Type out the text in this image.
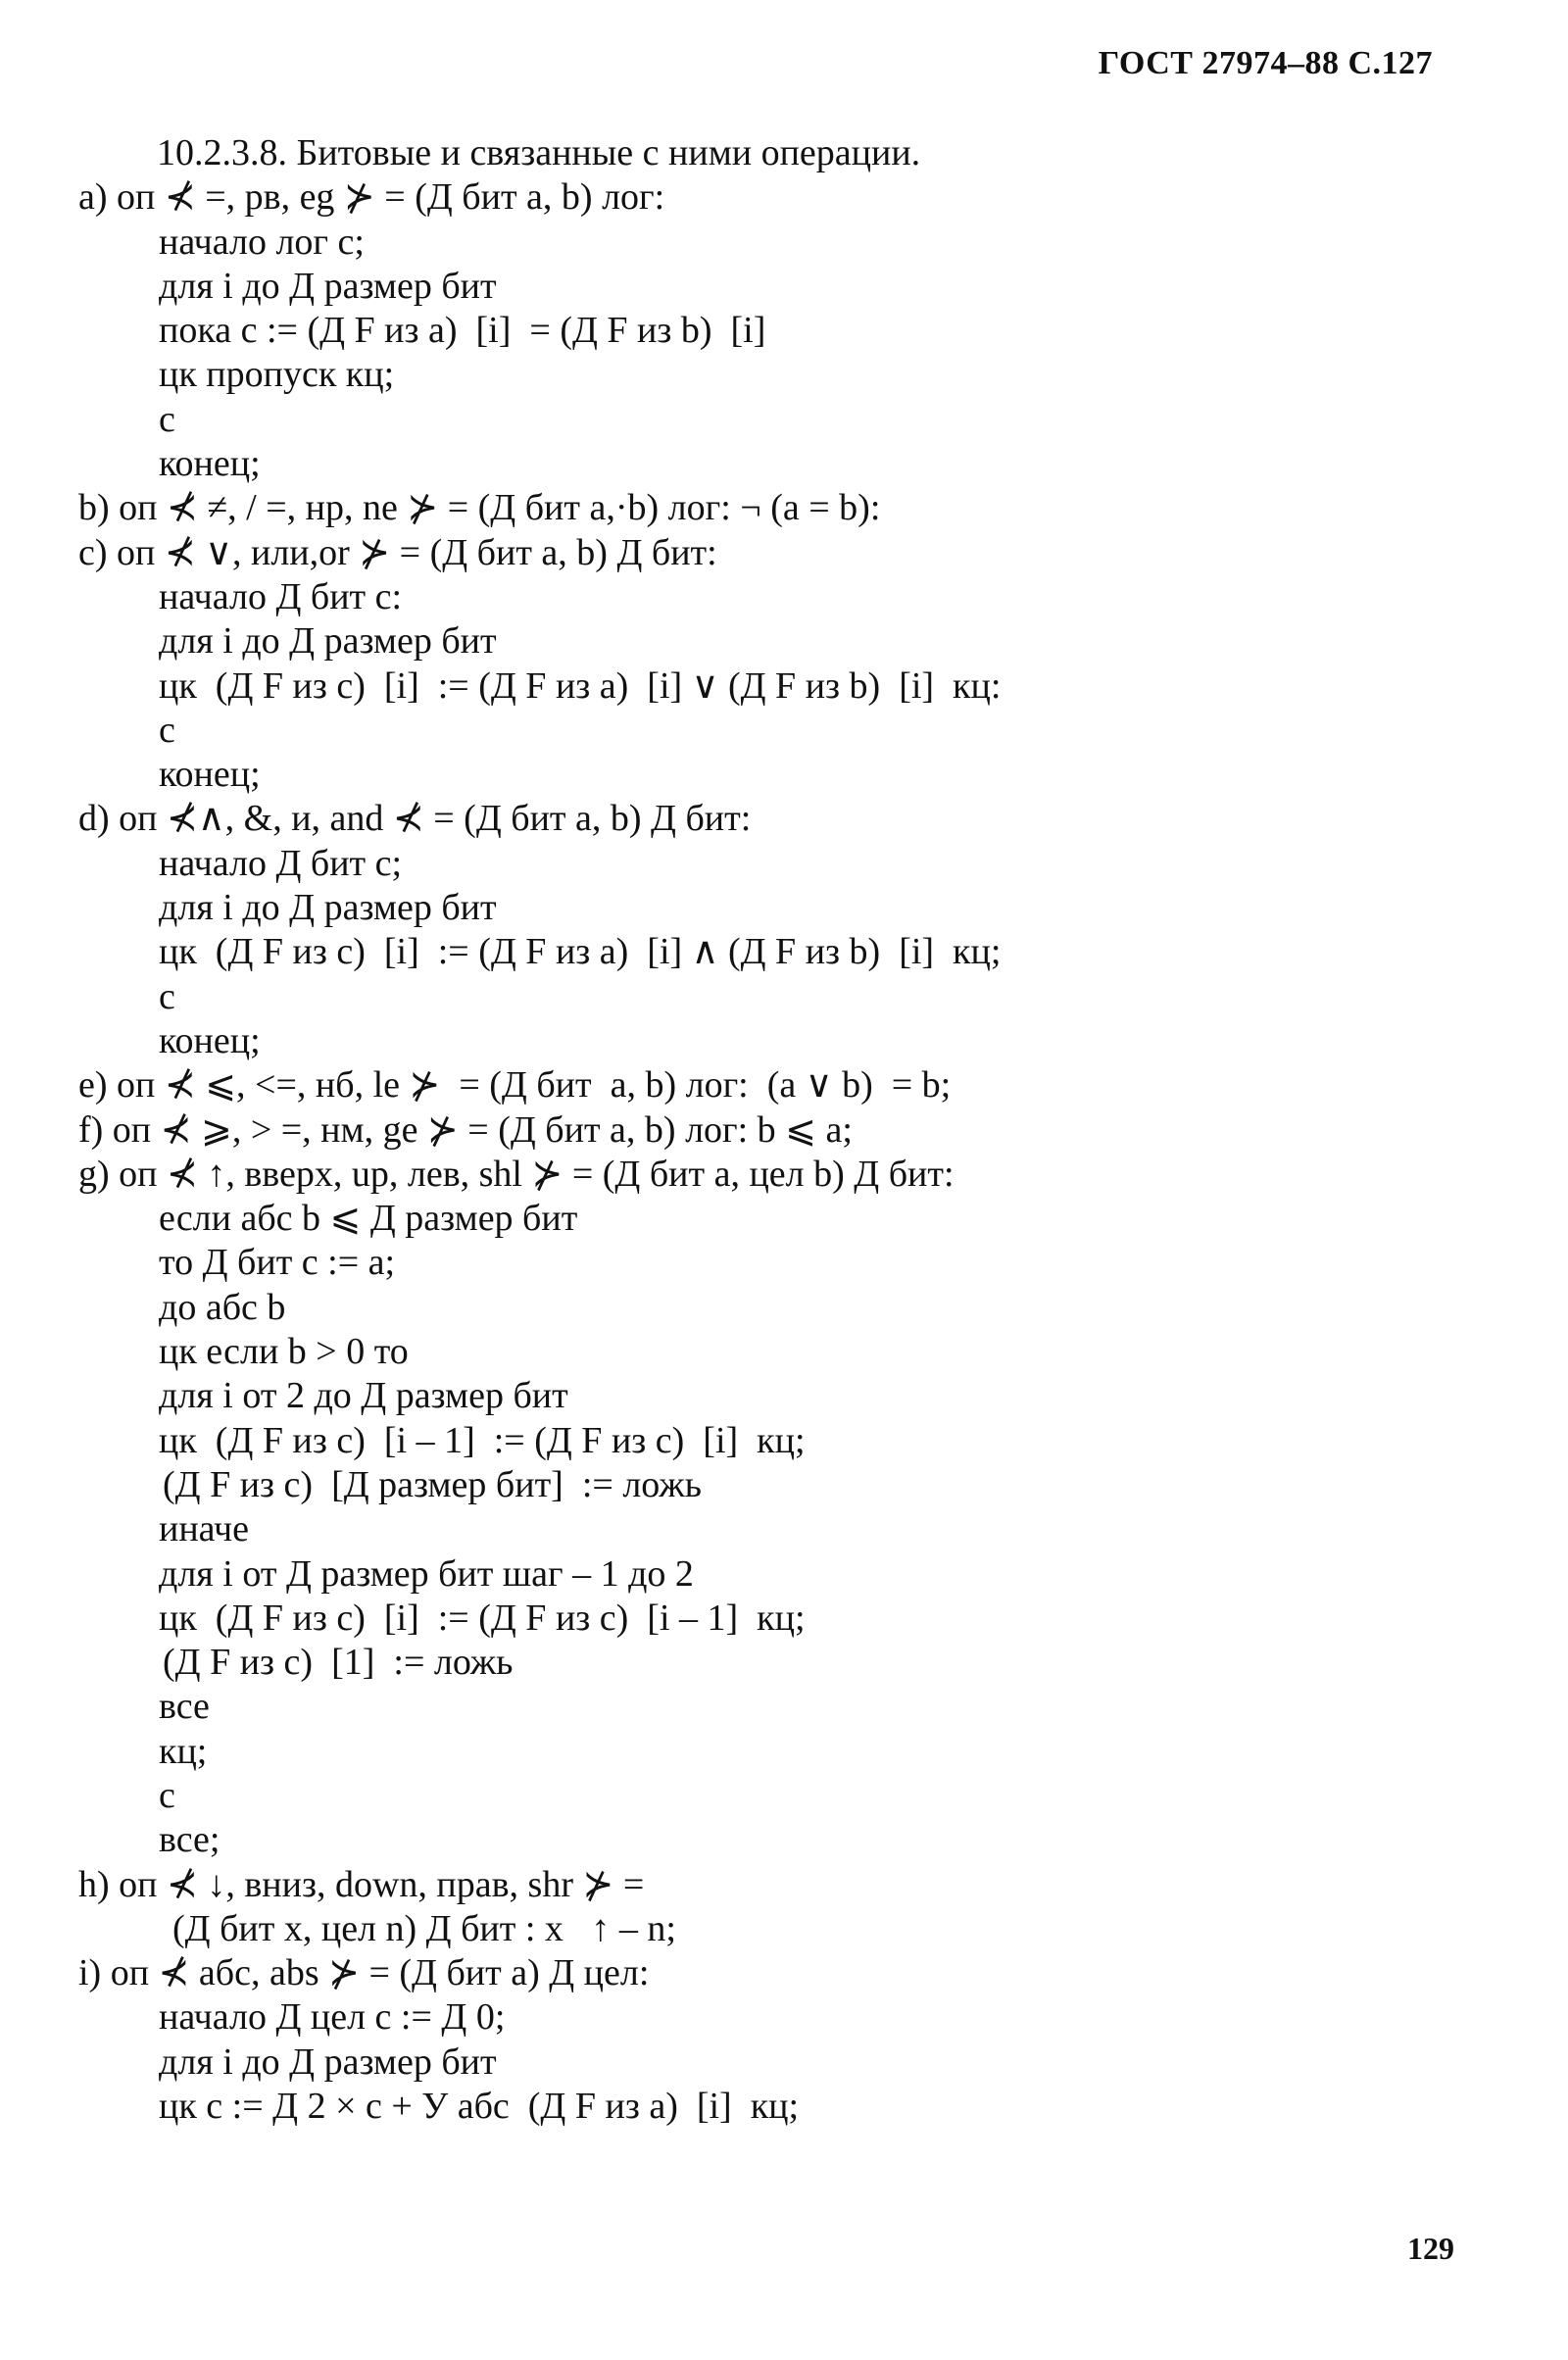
ГОСТ 27974–88 С.127
10.2.3.8. Битовые и связанные с ними операции.
а) оп ⊀ =, рв, eg ⊁ = (Д бит a, b) лог:
начало лог c;
для i до Д размер бит
пока c := (Д F из a)  [i]  = (Д F из b)  [i]
цк пропуск кц;
c
конец;
b) оп ⊀ ≠, / =, нр, ne ⊁ = (Д бит a,·b) лог: ¬ (a = b):
c) оп ⊀ ∨, или,or ⊁ = (Д бит a, b) Д бит:
начало Д бит c:
для i до Д размер бит
цк  (Д F из c)  [i]  := (Д F из a)  [i] ∨ (Д F из b)  [i]  кц:
c
конец;
d) оп ⊀∧, &, и, and ⊀ = (Д бит a, b) Д бит:
начало Д бит c;
для i до Д размер бит
цк  (Д F из c)  [i]  := (Д F из a)  [i] ∧ (Д F из b)  [i]  кц;
c
конец;
e) оп ⊀ ⩽, <=, нб, le ⊁  = (Д бит  a, b) лог:  (a ∨ b)  = b;
f) оп ⊀ ⩾, > =, нм, ge ⊁ = (Д бит a, b) лог: b ⩽ a;
g) оп ⊀ ↑, вверх, up, лев, shl ⊁ = (Д бит a, цел b) Д бит:
если абс b ⩽ Д размер бит
то Д бит c := a;
до абс b
цк если b > 0 то
для i от 2 до Д размер бит
цк  (Д F из c)  [i – 1]  := (Д F из c)  [i]  кц;
(Д F из c)  [Д размер бит]  := ложь
иначе
для i от Д размер бит шаг – 1 до 2
цк  (Д F из c)  [i]  := (Д F из c)  [i – 1]  кц;
(Д F из c)  [1]  := ложь
все
кц;
c
все;
h) оп ⊀ ↓, вниз, down, прав, shr ⊁ =
(Д бит x, цел n) Д бит : x   ↑ – n;
i) оп ⊀ абс, abs ⊁ = (Д бит a) Д цел:
начало Д цел c := Д 0;
для i до Д размер бит
цк c := Д 2 × c + У абс  (Д F из a)  [i]  кц;
129
